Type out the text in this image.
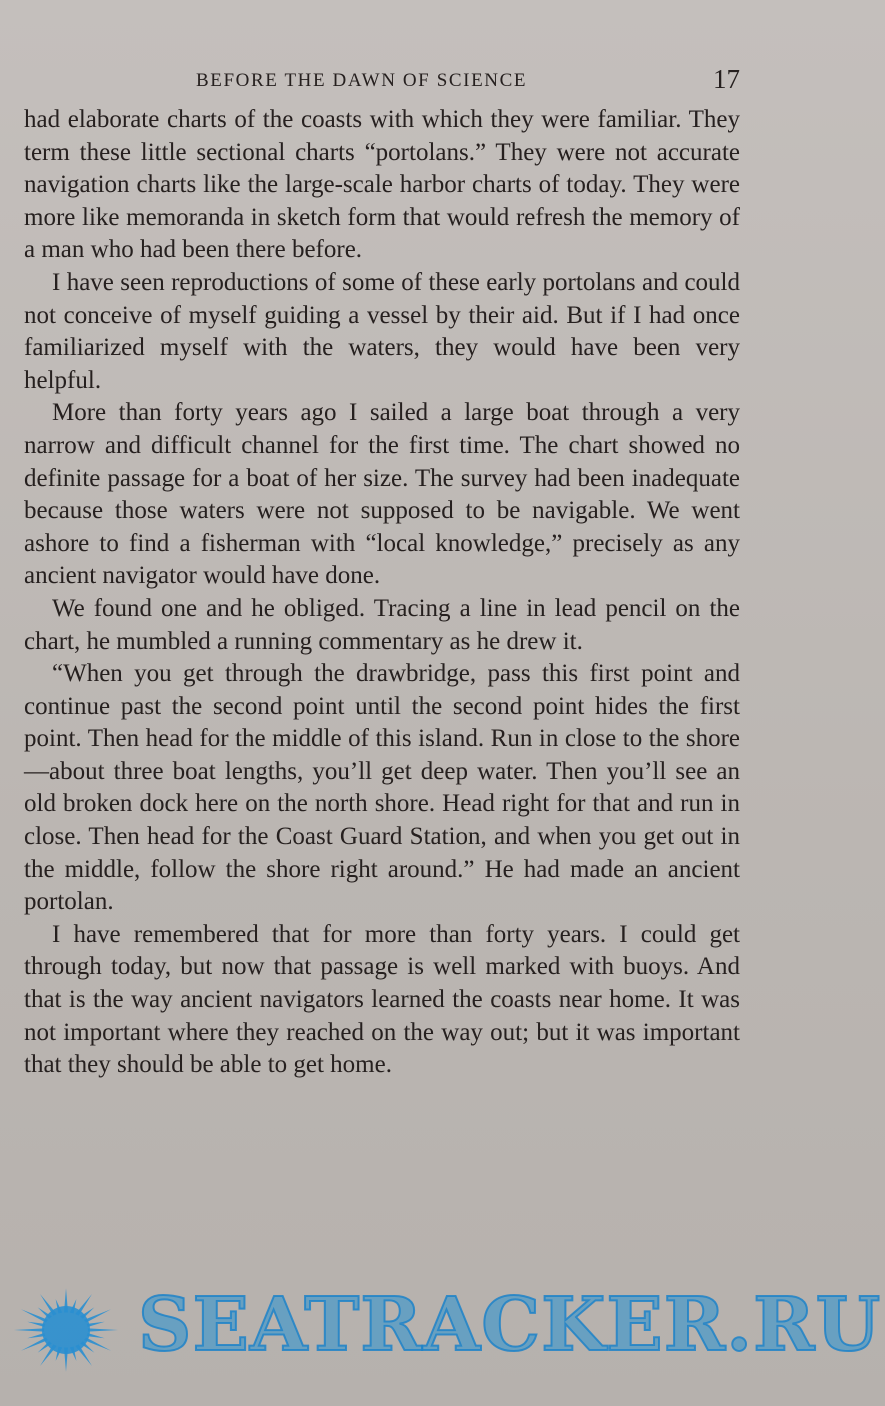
BEFORE THE DAWN OF SCIENCE	17

had elaborate charts of the coasts with which they were familiar. They term these little sectional charts “portolans.” They were not accurate navigation charts like the large-scale harbor charts of today. They were more like memoranda in sketch form that would refresh the memory of a man who had been there before.

I have seen reproductions of some of these early portolans and could not conceive of myself guiding a vessel by their aid. But if I had once familiarized myself with the waters, they would have been very helpful.

More than forty years ago I sailed a large boat through a very narrow and difficult channel for the first time. The chart showed no definite passage for a boat of her size. The survey had been inadequate because those waters were not supposed to be navigable. We went ashore to find a fisherman with “local knowledge,” precisely as any ancient navigator would have done.

We found one and he obliged. Tracing a line in lead pencil on the chart, he mumbled a running commentary as he drew it.

“When you get through the drawbridge, pass this first point and continue past the second point until the second point hides the first point. Then head for the middle of this island. Run in close to the shore—about three boat lengths, you’ll get deep water. Then you’ll see an old broken dock here on the north shore. Head right for that and run in close. Then head for the Coast Guard Station, and when you get out in the middle, follow the shore right around.” He had made an ancient portolan.

I have remembered that for more than forty years. I could get through today, but now that passage is well marked with buoys. And that is the way ancient navigators learned the coasts near home. It was not important where they reached on the way out; but it was important that they should be able to get home.

SEATRACKER.RU
